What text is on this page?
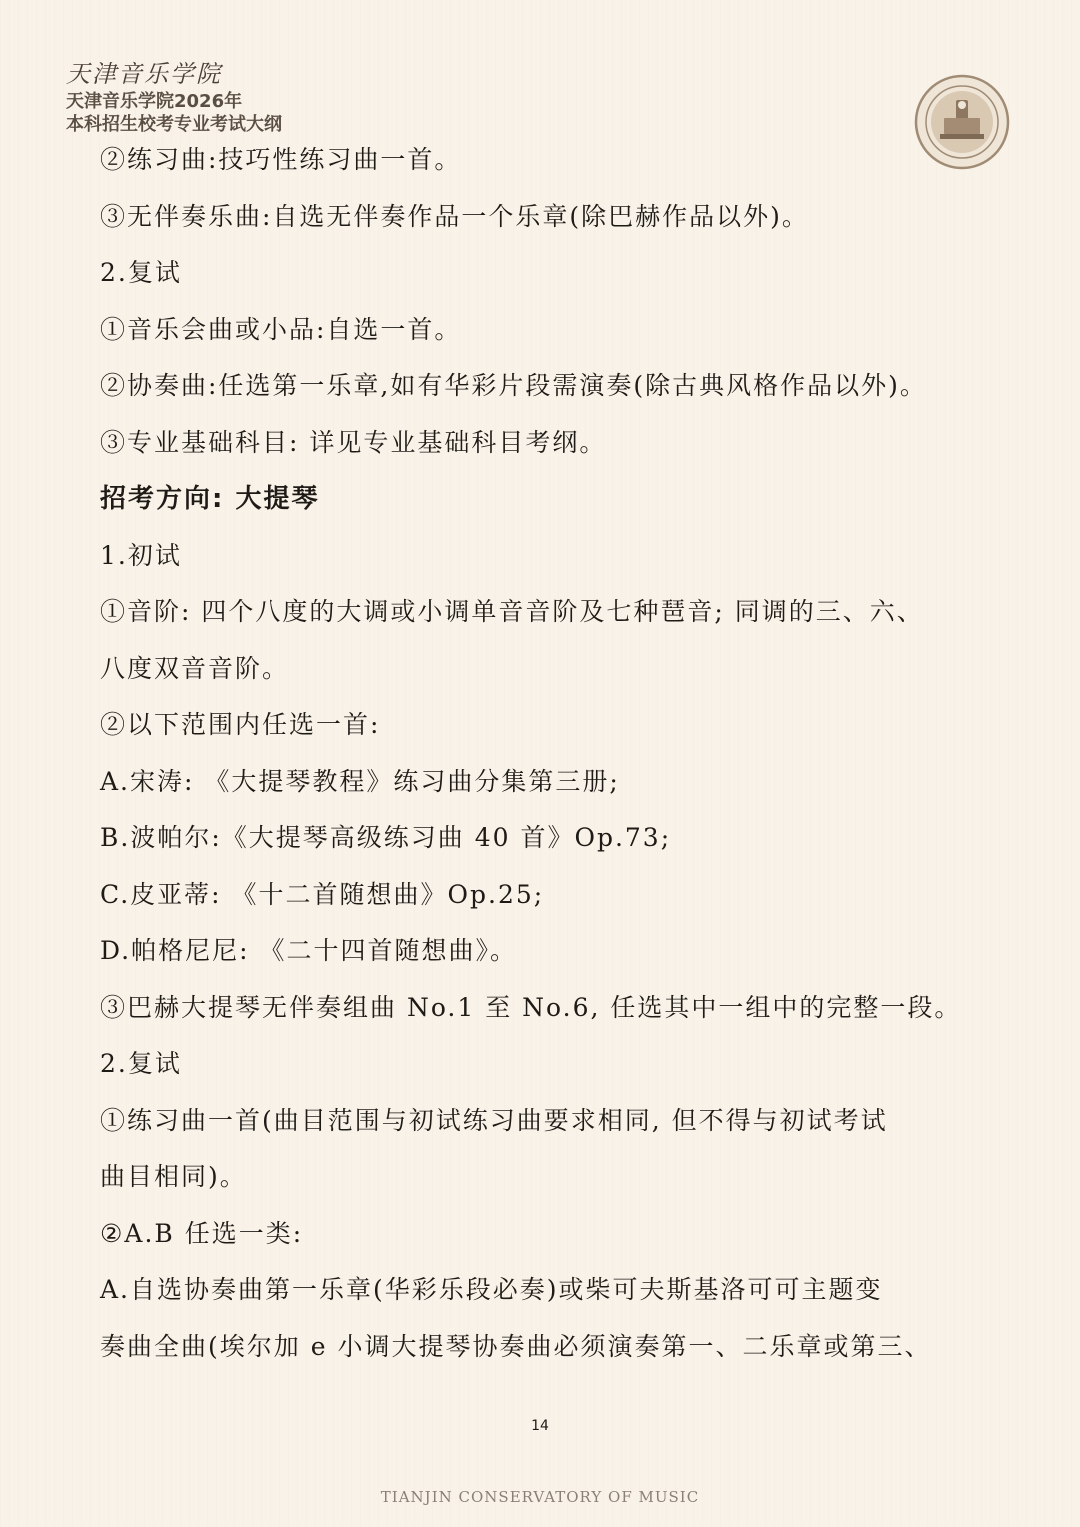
天津音乐学院
天津音乐学院2026年
本科招生校考专业考试大纲
②练习曲:技巧性练习曲一首。
③无伴奏乐曲:自选无伴奏作品一个乐章(除巴赫作品以外)。
2.复试
①音乐会曲或小品:自选一首。
②协奏曲:任选第一乐章,如有华彩片段需演奏(除古典风格作品以外)。
③专业基础科目: 详见专业基础科目考纲。
招考方向: 大提琴
1.初试
①音阶: 四个八度的大调或小调单音音阶及七种琶音; 同调的三、六、
八度双音音阶。
②以下范围内任选一首:
A.宋涛: 《大提琴教程》练习曲分集第三册;
B.波帕尔:《大提琴高级练习曲 40 首》Op.73;
C.皮亚蒂: 《十二首随想曲》Op.25;
D.帕格尼尼: 《二十四首随想曲》。
③巴赫大提琴无伴奏组曲 No.1 至 No.6, 任选其中一组中的完整一段。
2.复试
①练习曲一首(曲目范围与初试练习曲要求相同, 但不得与初试考试
曲目相同)。
②A.B 任选一类:
A.自选协奏曲第一乐章(华彩乐段必奏)或柴可夫斯基洛可可主题变
奏曲全曲(埃尔加 e 小调大提琴协奏曲必须演奏第一、二乐章或第三、
14
TIANJIN CONSERVATORY OF MUSIC
